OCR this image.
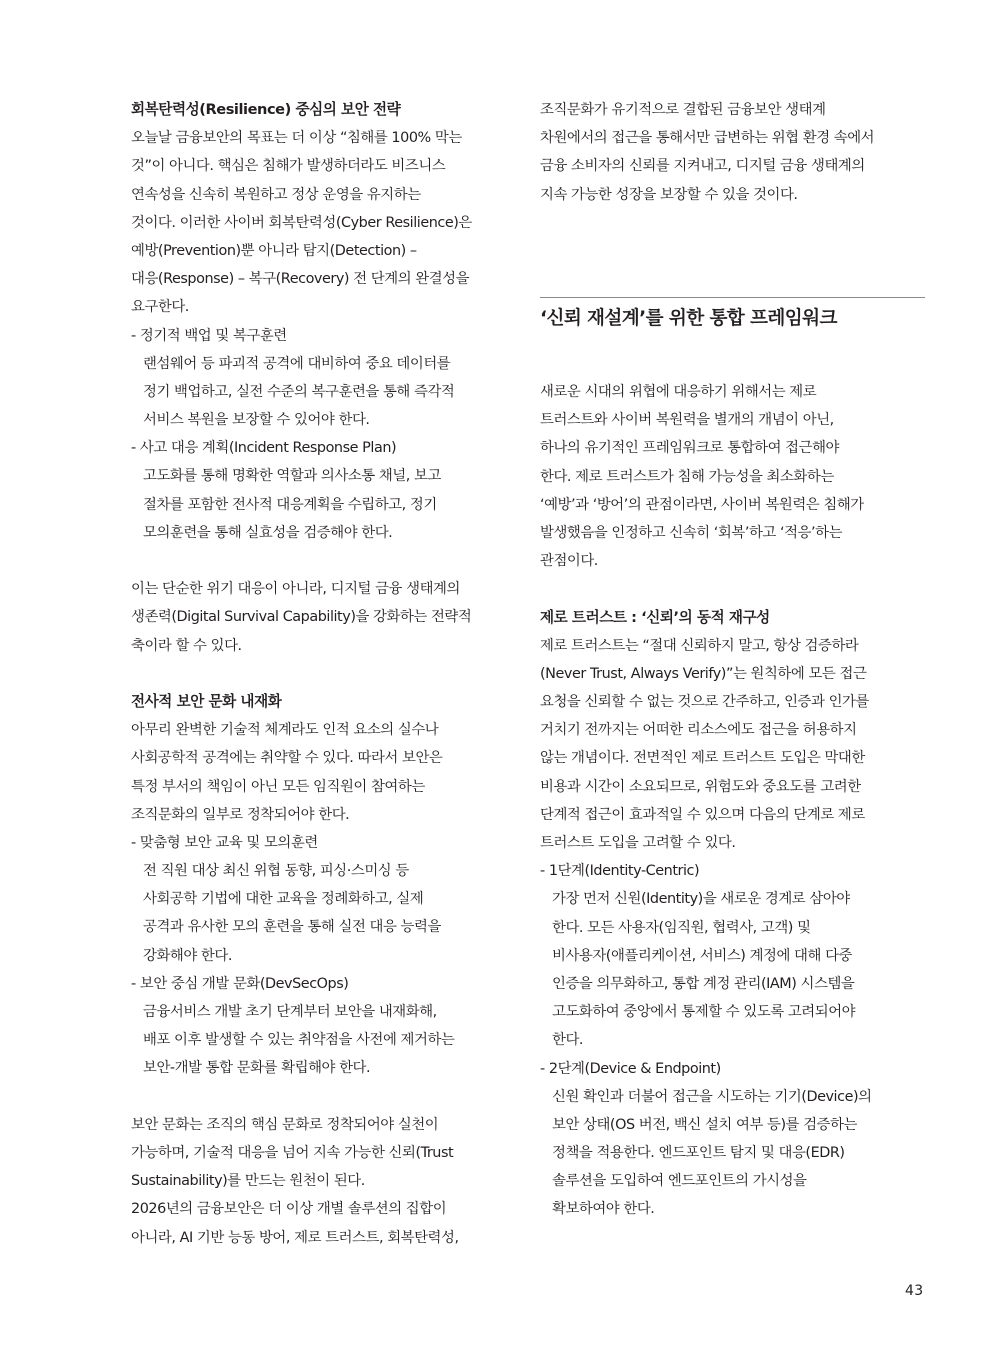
회복탄력성(Resilience) 중심의 보안 전략
오늘날 금융보안의 목표는 더 이상 “침해를 100% 막는
것”이 아니다. 핵심은 침해가 발생하더라도 비즈니스
연속성을 신속히 복원하고 정상 운영을 유지하는
것이다. 이러한 사이버 회복탄력성(Cyber Resilience)은
예방(Prevention)뿐 아니라 탐지(Detection) –
대응(Response) – 복구(Recovery) 전 단계의 완결성을
요구한다.
- 정기적 백업 및 복구훈련
랜섬웨어 등 파괴적 공격에 대비하여 중요 데이터를
정기 백업하고, 실전 수준의 복구훈련을 통해 즉각적
서비스 복원을 보장할 수 있어야 한다.
- 사고 대응 계획(Incident Response Plan)
고도화를 통해 명확한 역할과 의사소통 채널, 보고
절차를 포함한 전사적 대응계획을 수립하고, 정기
모의훈련을 통해 실효성을 검증해야 한다.
이는 단순한 위기 대응이 아니라, 디지털 금융 생태계의
생존력(Digital Survival Capability)을 강화하는 전략적
축이라 할 수 있다.
전사적 보안 문화 내재화
아무리 완벽한 기술적 체계라도 인적 요소의 실수나
사회공학적 공격에는 취약할 수 있다. 따라서 보안은
특정 부서의 책임이 아닌 모든 임직원이 참여하는
조직문화의 일부로 정착되어야 한다.
- 맞춤형 보안 교육 및 모의훈련
전 직원 대상 최신 위협 동향, 피싱·스미싱 등
사회공학 기법에 대한 교육을 정례화하고, 실제
공격과 유사한 모의 훈련을 통해 실전 대응 능력을
강화해야 한다.
- 보안 중심 개발 문화(DevSecOps)
금융서비스 개발 초기 단계부터 보안을 내재화해,
배포 이후 발생할 수 있는 취약점을 사전에 제거하는
보안-개발 통합 문화를 확립해야 한다.
보안 문화는 조직의 핵심 문화로 정착되어야 실천이
가능하며, 기술적 대응을 넘어 지속 가능한 신뢰(Trust
Sustainability)를 만드는 원천이 된다.
2026년의 금융보안은 더 이상 개별 솔루션의 집합이
아니라, AI 기반 능동 방어, 제로 트러스트, 회복탄력성,
조직문화가 유기적으로 결합된 금융보안 생태계
차원에서의 접근을 통해서만 급변하는 위협 환경 속에서
금융 소비자의 신뢰를 지켜내고, 디지털 금융 생태계의
지속 가능한 성장을 보장할 수 있을 것이다.
‘신뢰 재설계’를 위한 통합 프레임워크
새로운 시대의 위협에 대응하기 위해서는 제로
트러스트와 사이버 복원력을 별개의 개념이 아닌,
하나의 유기적인 프레임워크로 통합하여 접근해야
한다. 제로 트러스트가 침해 가능성을 최소화하는
‘예방’과 ‘방어’의 관점이라면, 사이버 복원력은 침해가
발생했음을 인정하고 신속히 ‘회복’하고 ‘적응’하는
관점이다.
제로 트러스트 : ‘신뢰’의 동적 재구성
제로 트러스트는 “절대 신뢰하지 말고, 항상 검증하라
(Never Trust, Always Verify)”는 원칙하에 모든 접근
요청을 신뢰할 수 없는 것으로 간주하고, 인증과 인가를
거치기 전까지는 어떠한 리소스에도 접근을 허용하지
않는 개념이다. 전면적인 제로 트러스트 도입은 막대한
비용과 시간이 소요되므로, 위험도와 중요도를 고려한
단계적 접근이 효과적일 수 있으며 다음의 단계로 제로
트러스트 도입을 고려할 수 있다.
- 1단계(Identity-Centric)
가장 먼저 신원(Identity)을 새로운 경계로 삼아야
한다. 모든 사용자(임직원, 협력사, 고객) 및
비사용자(애플리케이션, 서비스) 계정에 대해 다중
인증을 의무화하고, 통합 계정 관리(IAM) 시스템을
고도화하여 중앙에서 통제할 수 있도록 고려되어야
한다.
- 2단계(Device & Endpoint)
신원 확인과 더불어 접근을 시도하는 기기(Device)의
보안 상태(OS 버전, 백신 설치 여부 등)를 검증하는
정책을 적용한다. 엔드포인트 탐지 및 대응(EDR)
솔루션을 도입하여 엔드포인트의 가시성을
확보하여야 한다.
43
